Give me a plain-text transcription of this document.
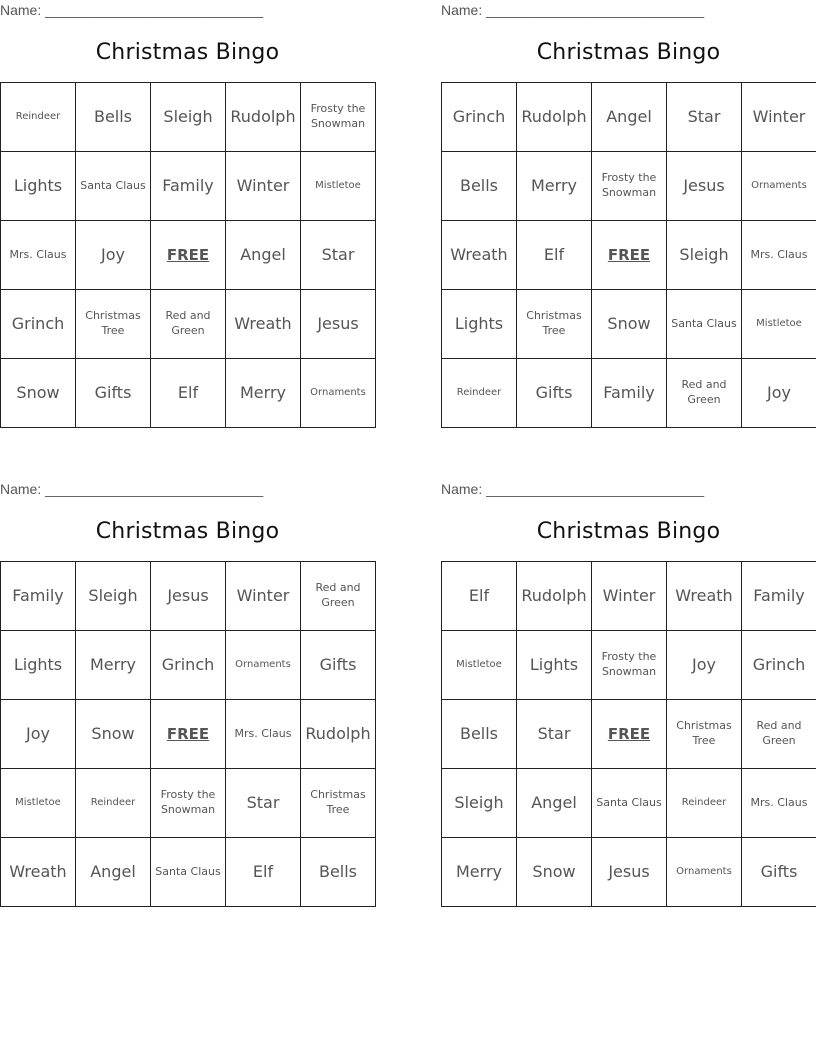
Name: ____________________________
Christmas Bingo
Reindeer	Bells	Sleigh	Rudolph	Frosty the Snowman
Lights	Santa Claus	Family	Winter	Mistletoe
Mrs. Claus	Joy	FREE	Angel	Star
Grinch	Christmas Tree	Red and Green	Wreath	Jesus
Snow	Gifts	Elf	Merry	Ornaments
Name: ____________________________
Christmas Bingo
Grinch	Rudolph	Angel	Star	Winter
Bells	Merry	Frosty the Snowman	Jesus	Ornaments
Wreath	Elf	FREE	Sleigh	Mrs. Claus
Lights	Christmas Tree	Snow	Santa Claus	Mistletoe
Reindeer	Gifts	Family	Red and Green	Joy
Name: ____________________________
Christmas Bingo
Family	Sleigh	Jesus	Winter	Red and Green
Lights	Merry	Grinch	Ornaments	Gifts
Joy	Snow	FREE	Mrs. Claus	Rudolph
Mistletoe	Reindeer	Frosty the Snowman	Star	Christmas Tree
Wreath	Angel	Santa Claus	Elf	Bells
Name: ____________________________
Christmas Bingo
Elf	Rudolph	Winter	Wreath	Family
Mistletoe	Lights	Frosty the Snowman	Joy	Grinch
Bells	Star	FREE	Christmas Tree	Red and Green
Sleigh	Angel	Santa Claus	Reindeer	Mrs. Claus
Merry	Snow	Jesus	Ornaments	Gifts
